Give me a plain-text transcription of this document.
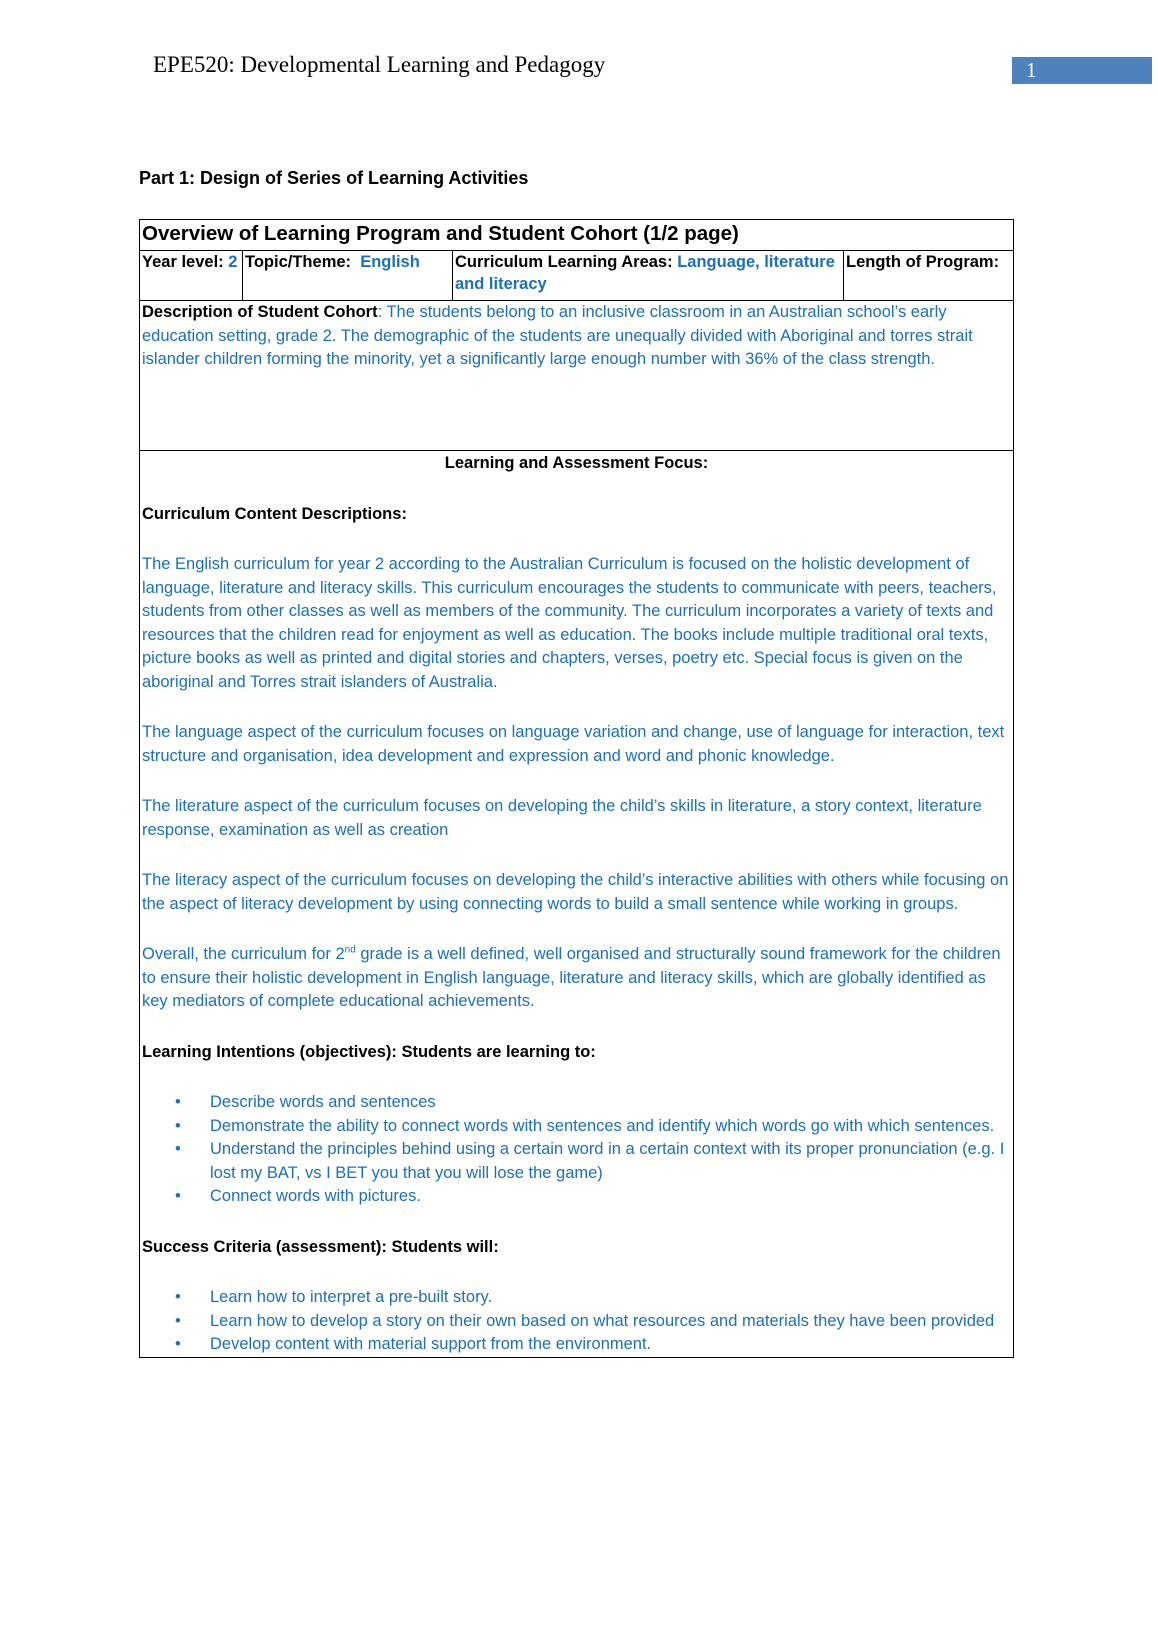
EPE520: Developmental Learning and Pedagogy	1
Part 1: Design of Series of Learning Activities
Overview of Learning Program and Student Cohort (1/2 page)
Year level: 2	Topic/Theme: English	Curriculum Learning Areas: Language, literature and literacy	Length of Program:
Description of Student Cohort: The students belong to an inclusive classroom in an Australian school’s early education setting, grade 2. The demographic of the students are unequally divided with Aboriginal and torres strait islander children forming the minority, yet a significantly large enough number with 36% of the class strength.

Learning and Assessment Focus:

Curriculum Content Descriptions:

The English curriculum for year 2 according to the Australian Curriculum is focused on the holistic development of language, literature and literacy skills. This curriculum encourages the students to communicate with peers, teachers, students from other classes as well as members of the community. The curriculum incorporates a variety of texts and resources that the children read for enjoyment as well as education. The books include multiple traditional oral texts, picture books as well as printed and digital stories and chapters, verses, poetry etc. Special focus is given on the aboriginal and Torres strait islanders of Australia.

The language aspect of the curriculum focuses on language variation and change, use of language for interaction, text structure and organisation, idea development and expression and word and phonic knowledge.

The literature aspect of the curriculum focuses on developing the child’s skills in literature, a story context, literature response, examination as well as creation

The literacy aspect of the curriculum focuses on developing the child’s interactive abilities with others while focusing on the aspect of literacy development by using connecting words to build a small sentence while working in groups.

Overall, the curriculum for 2nd grade is a well defined, well organised and structurally sound framework for the children to ensure their holistic development in English language, literature and literacy skills, which are globally identified as key mediators of complete educational achievements.

Learning Intentions (objectives): Students are learning to:

• Describe words and sentences
• Demonstrate the ability to connect words with sentences and identify which words go with which sentences.
• Understand the principles behind using a certain word in a certain context with its proper pronunciation (e.g. I lost my BAT, vs I BET you that you will lose the game)
• Connect words with pictures.

Success Criteria (assessment): Students will:

• Learn how to interpret a pre-built story.
• Learn how to develop a story on their own based on what resources and materials they have been provided
• Develop content with material support from the environment.
